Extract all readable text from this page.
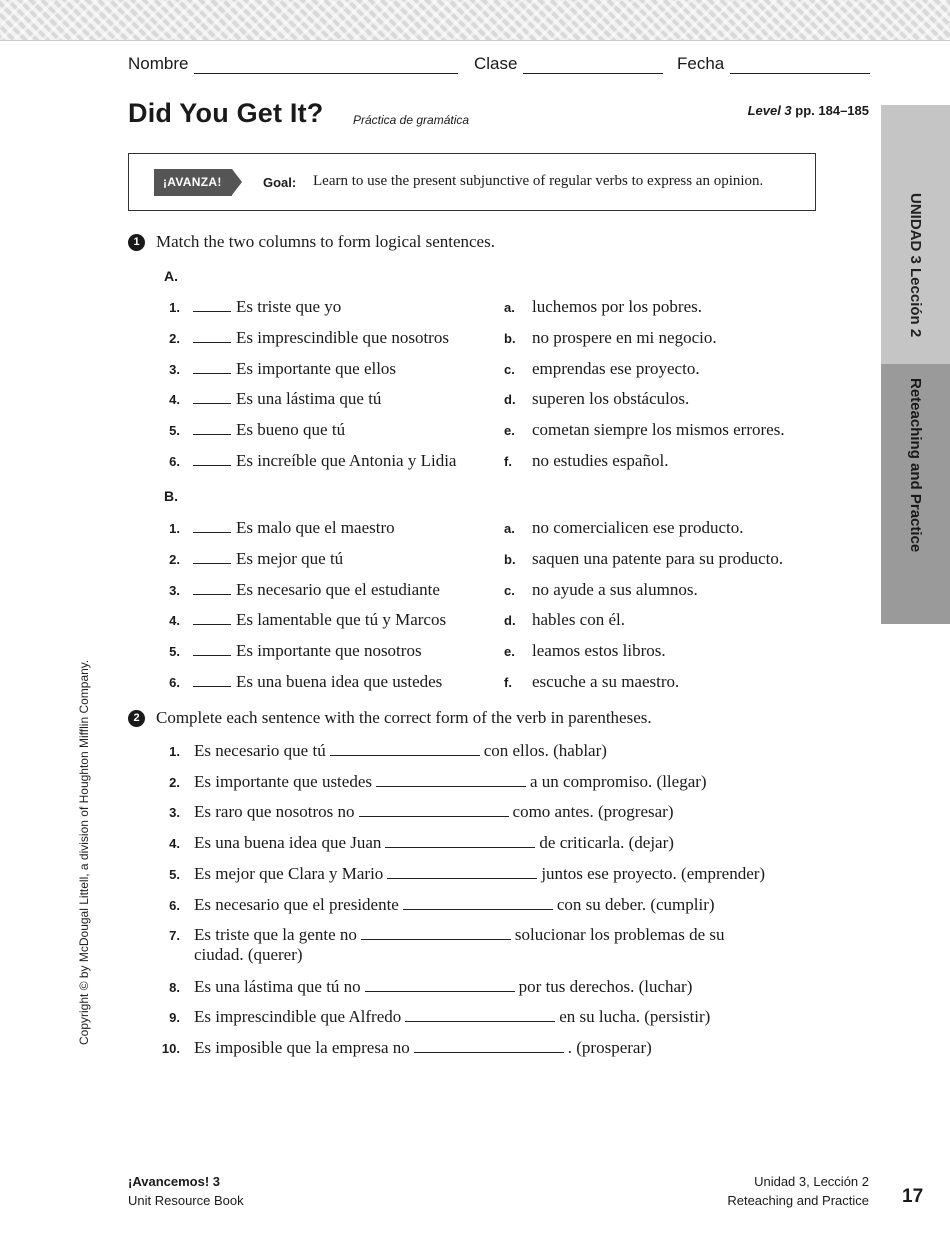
Nombre	Clase	Fecha
Did You Get It? Práctica de gramática
Level 3 pp. 184–185
¡AVANZA!	Goal: Learn to use the present subjunctive of regular verbs to express an opinion.
UNIDAD 3 Lección 2
Reteaching and Practice
Copyright © by McDougal Littell, a division of Houghton Mifflin Company.
1 Match the two columns to form logical sentences.
A.
1.	Es triste que yo	a. luchemos por los pobres.
2.	Es imprescindible que nosotros	b. no prospere en mi negocio.
3.	Es importante que ellos	c. emprendas ese proyecto.
4.	Es una lástima que tú	d. superen los obstáculos.
5.	Es bueno que tú	e. cometan siempre los mismos errores.
6.	Es increíble que Antonia y Lidia	f. no estudies español.
B.
1.	Es malo que el maestro	a. no comercialicen ese producto.
2.	Es mejor que tú	b. saquen una patente para su producto.
3.	Es necesario que el estudiante	c. no ayude a sus alumnos.
4.	Es lamentable que tú y Marcos	d. hables con él.
5.	Es importante que nosotros	e. leamos estos libros.
6.	Es una buena idea que ustedes	f. escuche a su maestro.
2 Complete each sentence with the correct form of the verb in parentheses.
1. Es necesario que tú	con ellos. (hablar)
2. Es importante que ustedes	a un compromiso. (llegar)
3. Es raro que nosotros no	como antes. (progresar)
4. Es una buena idea que Juan	de criticarla. (dejar)
5. Es mejor que Clara y Mario	juntos ese proyecto. (emprender)
6. Es necesario que el presidente	con su deber. (cumplir)
7. Es triste que la gente no	solucionar los problemas de su
ciudad. (querer)
8. Es una lástima que tú no	por tus derechos. (luchar)
9. Es imprescindible que Alfredo	en su lucha. (persistir)
10. Es imposible que la empresa no	. (prosperar)
¡Avancemos! 3
Unit Resource Book
Unidad 3, Lección 2
Reteaching and Practice 17
